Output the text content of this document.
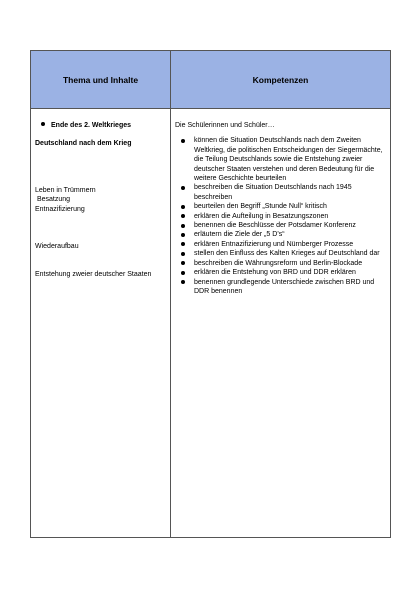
Thema und Inhalte	Kompetenzen
Ende des 2. Weltkrieges
Deutschland nach dem Krieg
Leben in Trümmern
Besatzung
Entnazifizierung
Wiederaufbau
Entstehung zweier deutscher Staaten
Die Schülerinnen und Schüler…
können die Situation Deutschlands nach dem Zweiten Weltkrieg, die politischen Entscheidungen der Siegermächte, die Teilung Deutschlands sowie die Entstehung zweier deutscher Staaten verstehen und deren Bedeutung für die weitere Geschichte beurteilen
beschreiben die Situation Deutschlands nach 1945 beschreiben
beurteilen den Begriff „Stunde Null“ kritisch
erklären die Aufteilung in Besatzungszonen
benennen die Beschlüsse der Potsdamer Konferenz
erläutern die Ziele der „5 D’s“
erklären Entnazifizierung und Nürnberger Prozesse
stellen den Einfluss des Kalten Krieges auf Deutschland dar
beschreiben die Währungsreform und Berlin-Blockade
erklären die Entstehung von BRD und DDR erklären
benennen grundlegende Unterschiede zwischen BRD und DDR benennen
